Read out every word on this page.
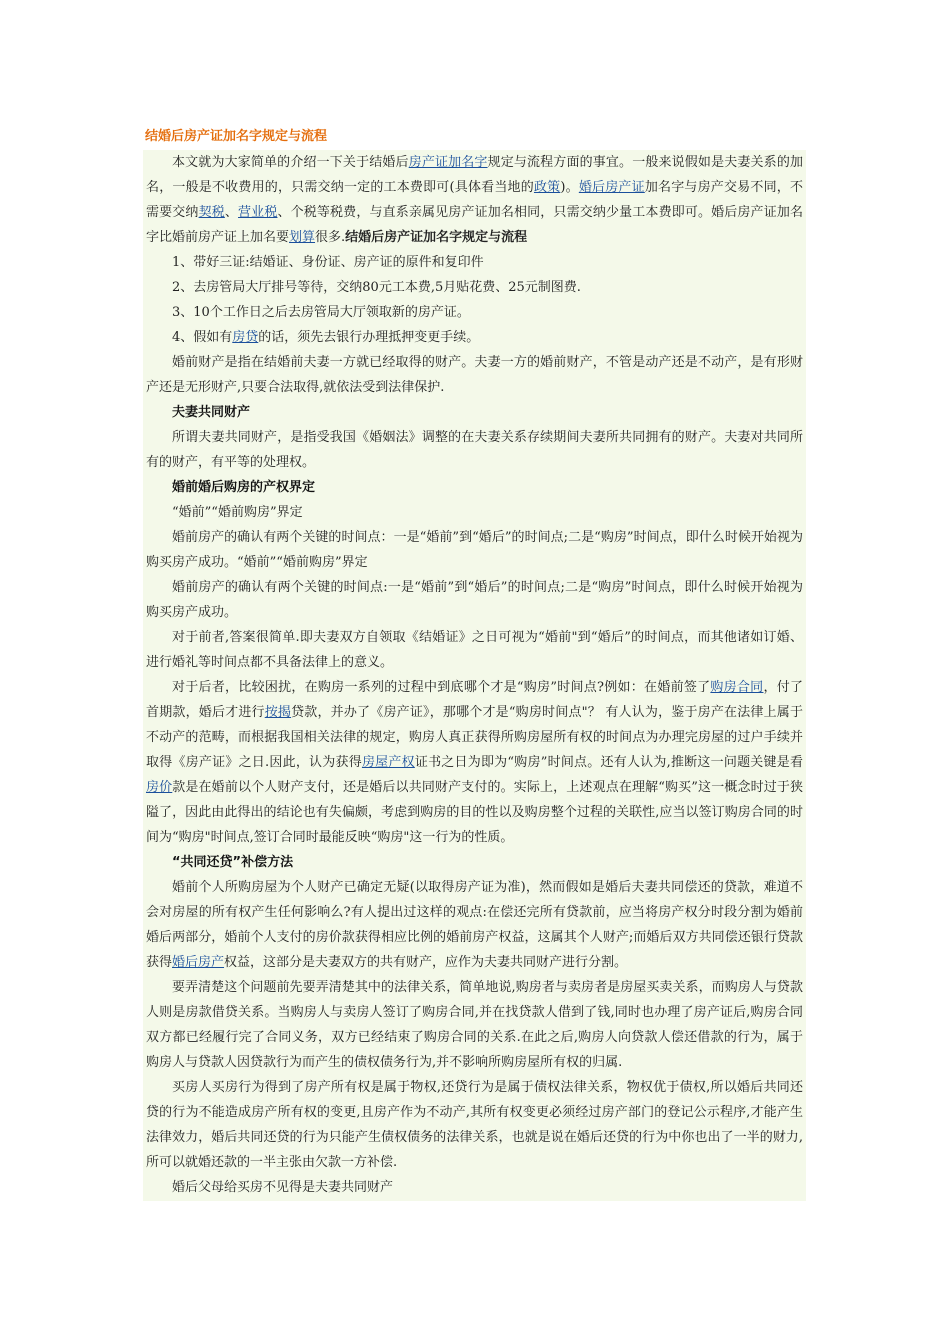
结婚后房产证加名字规定与流程

本文就为大家简单的介绍一下关于结婚后房产证加名字规定与流程方面的事宜。一般来说假如是夫妻关系的加名，一般是不收费用的，只需交纳一定的工本费即可(具体看当地的政策)。婚后房产证加名字与房产交易不同，不需要交纳契税、营业税、个税等税费，与直系亲属见房产证加名相同，只需交纳少量工本费即可。婚后房产证加名字比婚前房产证上加名要划算很多.结婚后房产证加名字规定与流程

1、带好三证:结婚证、身份证、房产证的原件和复印件

2、去房管局大厅排号等待，交纳80元工本费,5月贴花费、25元制图费.

3、10个工作日之后去房管局大厅领取新的房产证。

4、假如有房贷的话，须先去银行办理抵押变更手续。

婚前财产是指在结婚前夫妻一方就已经取得的财产。夫妻一方的婚前财产，不管是动产还是不动产，是有形财产还是无形财产,只要合法取得,就依法受到法律保护.

夫妻共同财产

所谓夫妻共同财产，是指受我国《婚姻法》调整的在夫妻关系存续期间夫妻所共同拥有的财产。夫妻对共同所有的财产，有平等的处理权。

婚前婚后购房的产权界定

“婚前”“婚前购房”界定

婚前房产的确认有两个关键的时间点：一是“婚前”到“婚后”的时间点;二是“购房”时间点，即什么时候开始视为购买房产成功。“婚前”“婚前购房”界定

婚前房产的确认有两个关键的时间点:一是“婚前”到“婚后”的时间点;二是“购房”时间点，即什么时候开始视为购买房产成功。

对于前者,答案很简单.即夫妻双方自领取《结婚证》之日可视为“婚前"到“婚后”的时间点，而其他诸如订婚、进行婚礼等时间点都不具备法律上的意义。

对于后者，比较困扰，在购房一系列的过程中到底哪个才是“购房”时间点?例如：在婚前签了购房合同，付了首期款，婚后才进行按揭贷款，并办了《房产证》，那哪个才是“购房时间点"？ 有人认为，鉴于房产在法律上属于不动产的范畴，而根据我国相关法律的规定，购房人真正获得所购房屋所有权的时间点为办理完房屋的过户手续并取得《房产证》之日.因此，认为获得房屋产权证书之日为即为“购房”时间点。还有人认为,推断这一问题关键是看房价款是在婚前以个人财产支付，还是婚后以共同财产支付的。实际上，上述观点在理解“购买”这一概念时过于狭隘了，因此由此得出的结论也有失偏颇，考虑到购房的目的性以及购房整个过程的关联性,应当以签订购房合同的时间为“购房"时间点,签订合同时最能反映“购房"这一行为的性质。

“共同还贷”补偿方法

婚前个人所购房屋为个人财产已确定无疑(以取得房产证为准)，然而假如是婚后夫妻共同偿还的贷款，难道不会对房屋的所有权产生任何影响么?有人提出过这样的观点:在偿还完所有贷款前，应当将房产权分时段分割为婚前婚后两部分，婚前个人支付的房价款获得相应比例的婚前房产权益，这属其个人财产;而婚后双方共同偿还银行贷款获得婚后房产权益，这部分是夫妻双方的共有财产，应作为夫妻共同财产进行分割。

要弄清楚这个问题前先要弄清楚其中的法律关系，简单地说,购房者与卖房者是房屋买卖关系，而购房人与贷款人则是房款借贷关系。当购房人与卖房人签订了购房合同,并在找贷款人借到了钱,同时也办理了房产证后,购房合同双方都已经履行完了合同义务，双方已经结束了购房合同的关系.在此之后,购房人向贷款人偿还借款的行为，属于购房人与贷款人因贷款行为而产生的债权债务行为,并不影响所购房屋所有权的归属.

买房人买房行为得到了房产所有权是属于物权,还贷行为是属于债权法律关系，物权优于债权,所以婚后共同还贷的行为不能造成房产所有权的变更,且房产作为不动产,其所有权变更必须经过房产部门的登记公示程序,才能产生法律效力，婚后共同还贷的行为只能产生债权债务的法律关系，也就是说在婚后还贷的行为中你也出了一半的财力,所可以就婚还款的一半主张由欠款一方补偿.

婚后父母给买房不见得是夫妻共同财产
